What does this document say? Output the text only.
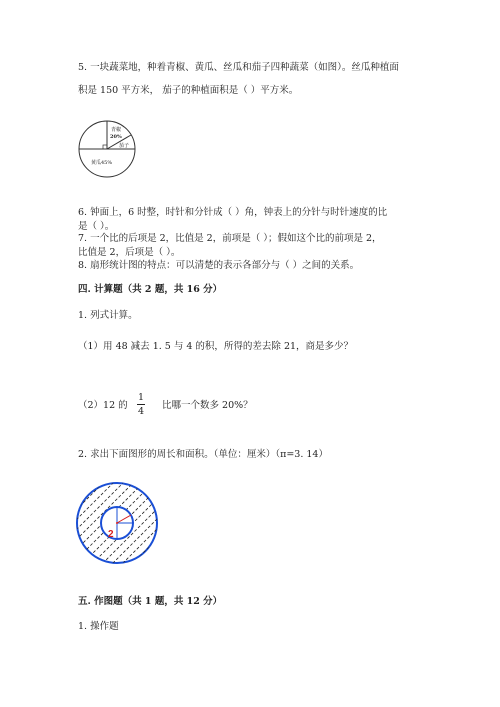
5. 一块蔬菜地，种着青椒、黄瓜、丝瓜和茄子四种蔬菜（如图）。丝瓜种植面
积是 150 平方米， 茄子的种植面积是（ ）平方米。
青椒
20%
茄子
黄瓜45%
6. 钟面上，6 时整，时针和分针成（ ）角，钟表上的分针与时针速度的比
是（ ）。
7. 一个比的后项是 2，比值是 2，前项是（ ）；假如这个比的前项是 2，
比值是 2，后项是（ ）。
8. 扇形统计图的特点：可以清楚的表示各部分与（ ）之间的关系。
四. 计算题（共 2 题，共 16 分）
1. 列式计算。
（1）用 48 减去 1. 5 与 4 的积，所得的差去除 21，商是多少？
（2）12 的
1
4
比哪一个数多 20%？
2. 求出下面图形的周长和面积。（单位：厘米）（π=3. 14）
2
五. 作图题（共 1 题，共 12 分）
1. 操作题
